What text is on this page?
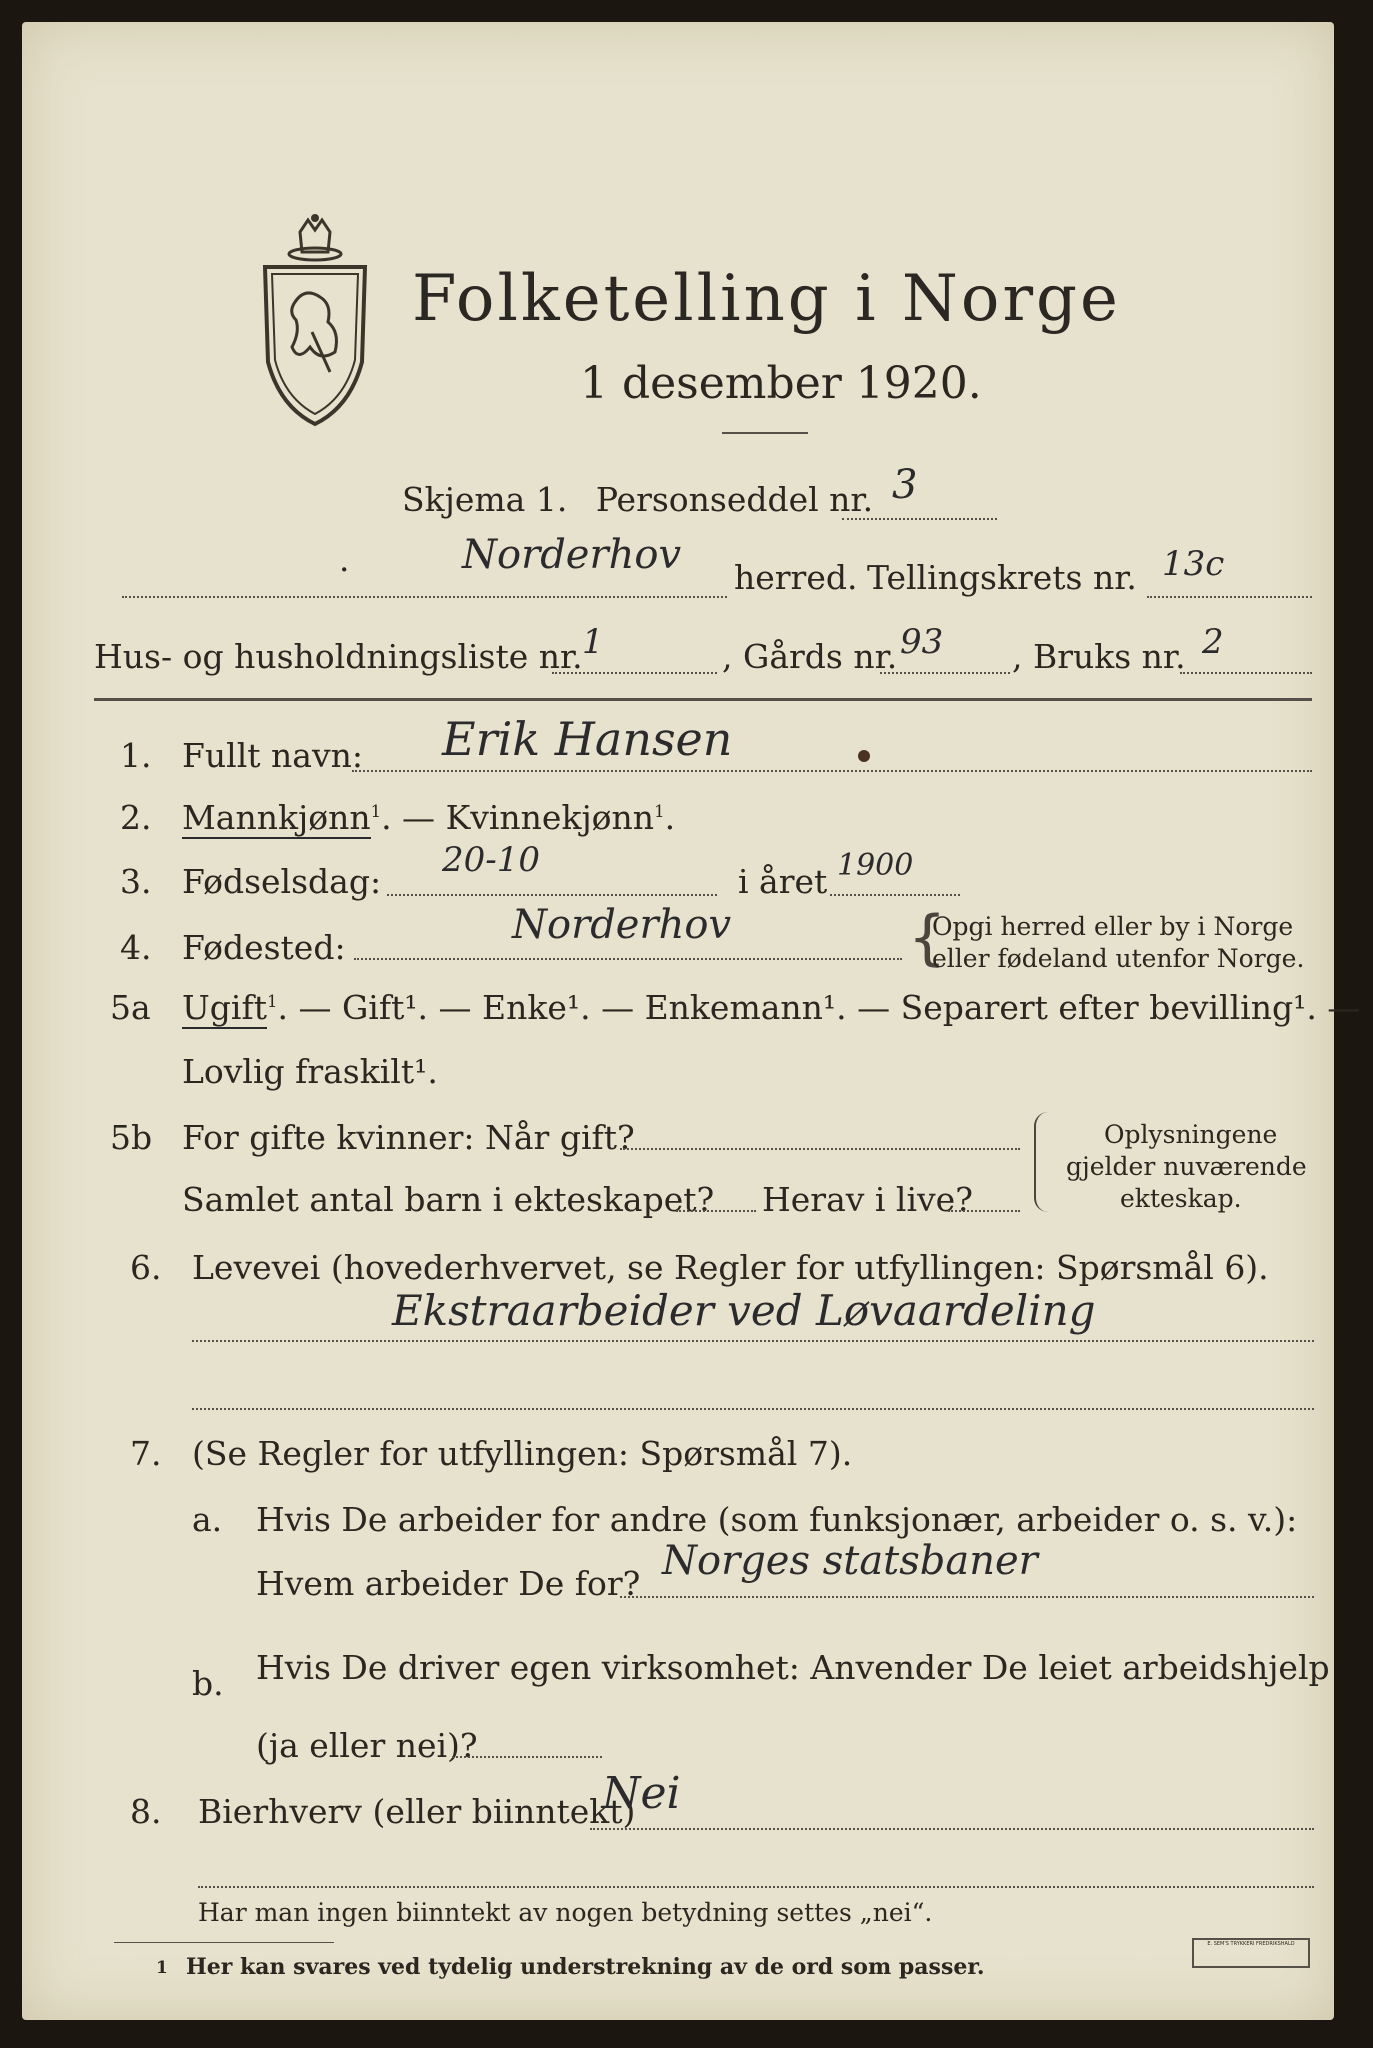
Folketelling i Norge
1 desember 1920.
Skjema 1. Personseddel nr. 3
·	Norderhov herred. Tellingskrets nr. 13c
Hus- og husholdningsliste nr. 1	, Gårds nr. 93 , Bruks nr. 2
1. Fullt navn: Erik Hansen
2. Mannkjønn$^1$. — Kvinnekjønn$^1$.
3. Fødselsdag:
20-10
i året 1900
4. Fødested:	Norderhov	{
Opgi herred eller by i Norge
eller fødeland utenfor Norge.
5a Ugift$^1$. — Gift¹. — Enke¹. — Enkemann¹. — Separert efter bevilling¹. —
Lovlig fraskilt¹.
5b For gifte kvinner: Når gift?
Samlet antal barn i ekteskapet? Herav i live?
Oplysningene
gjelder nuværende
ekteskap.
6. Levevei (hovederhvervet, se Regler for utfyllingen: Spørsmål 6).
Ekstraarbeider ved Løvaardeling
7. (Se Regler for utfyllingen: Spørsmål 7).
a. Hvis De arbeider for andre (som funksjonær, arbeider o. s. v.):
Hvem arbeider De for? Norges statsbaner
b. Hvis De driver egen virksomhet: Anvender De leiet arbeidshjelp
(ja eller nei)?
8. Bierhverv (eller biinntekt)
Nei
Har man ingen biinntekt av nogen betydning settes „nei“.
1 Her kan svares ved tydelig understrekning av de ord som passer.
E. SEM'S TRYKKERI FREDRIKSHALD
